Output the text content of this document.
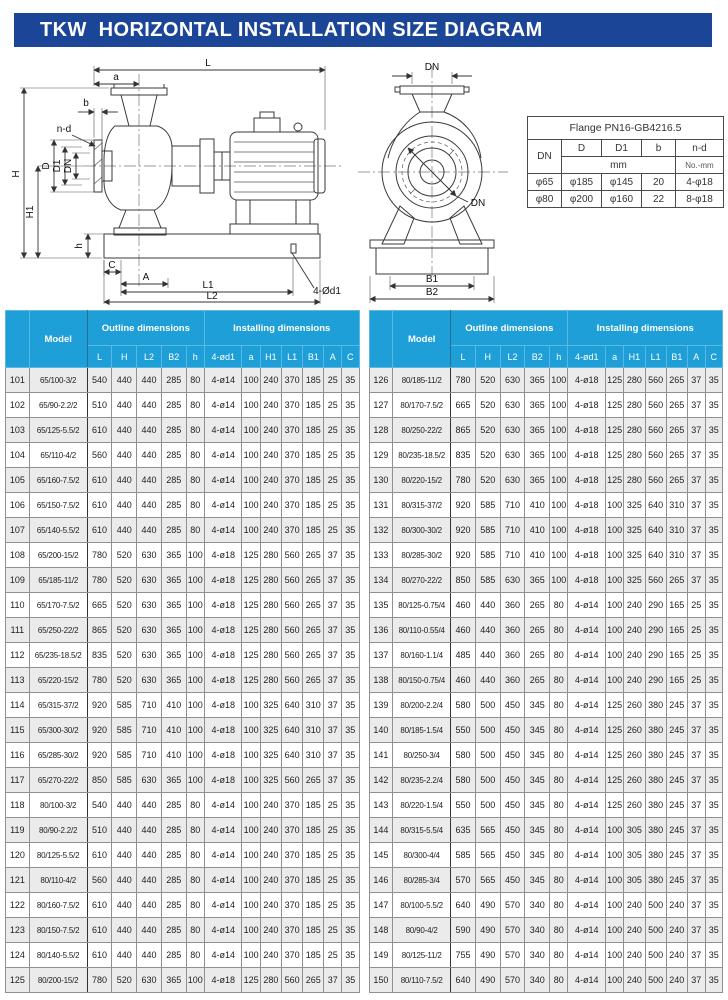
TKW  HORIZONTAL INSTALLATION SIZE DIAGRAM
L
a
b
n-d
H
H1
D D1 DN
h
C
A
L1
L2	4-Ød1
DN
DN
B1
B2
Flange PN16-GB4216.5				
DN	D	D1	b	n-d
	mm			No.-mm
φ65	φ185	φ145	20	4-φ18
φ80	φ200	φ160	22	8-φ18
	Model	Outline dimensions					Installing dimensions						
		L	H	L2	B2	h	4-ød1	a	H1	L1	B1	A	C
101	65/100-3/2	540	440	440	285	80	4-ø14	100	240	370	185	25	35
102	65/90-2.2/2	510	440	440	285	80	4-ø14	100	240	370	185	25	35
103	65/125-5.5/2	610	440	440	285	80	4-ø14	100	240	370	185	25	35
104	65/110-4/2	560	440	440	285	80	4-ø14	100	240	370	185	25	35
105	65/160-7.5/2	610	440	440	285	80	4-ø14	100	240	370	185	25	35
106	65/150-7.5/2	610	440	440	285	80	4-ø14	100	240	370	185	25	35
107	65/140-5.5/2	610	440	440	285	80	4-ø14	100	240	370	185	25	35
108	65/200-15/2	780	520	630	365	100	4-ø18	125	280	560	265	37	35
109	65/185-11/2	780	520	630	365	100	4-ø18	125	280	560	265	37	35
110	65/170-7.5/2	665	520	630	365	100	4-ø18	125	280	560	265	37	35
111	65/250-22/2	865	520	630	365	100	4-ø18	125	280	560	265	37	35
112	65/235-18.5/2	835	520	630	365	100	4-ø18	125	280	560	265	37	35
113	65/220-15/2	780	520	630	365	100	4-ø18	125	280	560	265	37	35
114	65/315-37/2	920	585	710	410	100	4-ø18	100	325	640	310	37	35
115	65/300-30/2	920	585	710	410	100	4-ø18	100	325	640	310	37	35
116	65/285-30/2	920	585	710	410	100	4-ø18	100	325	640	310	37	35
117	65/270-22/2	850	585	630	365	100	4-ø18	100	325	560	265	37	35
118	80/100-3/2	540	440	440	285	80	4-ø14	100	240	370	185	25	35
119	80/90-2.2/2	510	440	440	285	80	4-ø14	100	240	370	185	25	35
120	80/125-5.5/2	610	440	440	285	80	4-ø14	100	240	370	185	25	35
121	80/110-4/2	560	440	440	285	80	4-ø14	100	240	370	185	25	35
122	80/160-7.5/2	610	440	440	285	80	4-ø14	100	240	370	185	25	35
123	80/150-7.5/2	610	440	440	285	80	4-ø14	100	240	370	185	25	35
124	80/140-5.5/2	610	440	440	285	80	4-ø14	100	240	370	185	25	35
125	80/200-15/2	780	520	630	365	100	4-ø18	125	280	560	265	37	35
	Model	Outline dimensions					Installing dimensions						
		L	H	L2	B2	h	4-ød1	a	H1	L1	B1	A	C
126	80/185-11/2	780	520	630	365	100	4-ø18	125	280	560	265	37	35
127	80/170-7.5/2	665	520	630	365	100	4-ø18	125	280	560	265	37	35
128	80/250-22/2	865	520	630	365	100	4-ø18	125	280	560	265	37	35
129	80/235-18.5/2	835	520	630	365	100	4-ø18	125	280	560	265	37	35
130	80/220-15/2	780	520	630	365	100	4-ø18	125	280	560	265	37	35
131	80/315-37/2	920	585	710	410	100	4-ø18	100	325	640	310	37	35
132	80/300-30/2	920	585	710	410	100	4-ø18	100	325	640	310	37	35
133	80/285-30/2	920	585	710	410	100	4-ø18	100	325	640	310	37	35
134	80/270-22/2	850	585	630	365	100	4-ø18	100	325	560	265	37	35
135	80/125-0.75/4	460	440	360	265	80	4-ø14	100	240	290	165	25	35
136	80/110-0.55/4	460	440	360	265	80	4-ø14	100	240	290	165	25	35
137	80/160-1.1/4	485	440	360	265	80	4-ø14	100	240	290	165	25	35
138	80/150-0.75/4	460	440	360	265	80	4-ø14	100	240	290	165	25	35
139	80/200-2.2/4	580	500	450	345	80	4-ø14	125	260	380	245	37	35
140	80/185-1.5/4	550	500	450	345	80	4-ø14	125	260	380	245	37	35
141	80/250-3/4	580	500	450	345	80	4-ø14	125	260	380	245	37	35
142	80/235-2.2/4	580	500	450	345	80	4-ø14	125	260	380	245	37	35
143	80/220-1.5/4	550	500	450	345	80	4-ø14	125	260	380	245	37	35
144	80/315-5.5/4	635	565	450	345	80	4-ø14	100	305	380	245	37	35
145	80/300-4/4	585	565	450	345	80	4-ø14	100	305	380	245	37	35
146	80/285-3/4	570	565	450	345	80	4-ø14	100	305	380	245	37	35
147	80/100-5.5/2	640	490	570	340	80	4-ø14	100	240	500	240	37	35
148	80/90-4/2	590	490	570	340	80	4-ø14	100	240	500	240	37	35
149	80/125-11/2	755	490	570	340	80	4-ø14	100	240	500	240	37	35
150	80/110-7.5/2	640	490	570	340	80	4-ø14	100	240	500	240	37	35
